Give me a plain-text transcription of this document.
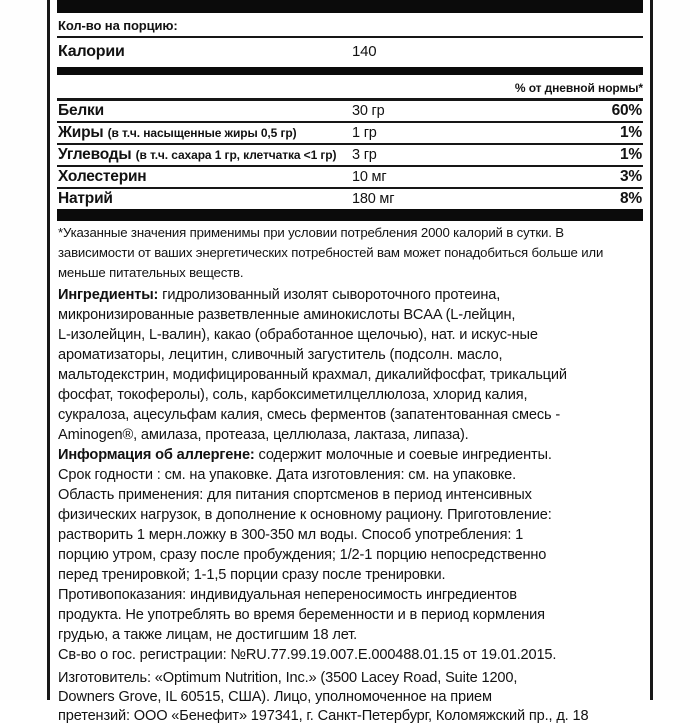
Кол-во на порцию:
Калории	140
% от дневной нормы*
Белки	30 гр	60%
Жиры (в т.ч. насыщенные жиры 0,5 гр)	1 гр	1%
Углеводы (в т.ч. сахара 1 гр, клетчатка <1 гр)	3 гр	1%
Холестерин	10 мг	3%
Натрий	180 мг	8%
*Указанные значения применимы при условии потребления 2000 калорий в сутки. В
зависимости от ваших энергетических потребностей вам может понадобиться больше или
меньше питательных веществ.
Ингредиенты: гидролизованный изолят сывороточного протеина,
микронизированные разветвленные аминокислоты BCAA (L-лейцин,
L-изолейцин, L-валин), какао (обработанное щелочью), нат. и искус-ные
ароматизаторы, лецитин, сливочный загуститель (подсолн. масло,
мальтодекстрин, модифицированный крахмал, дикалийфосфат, трикальций
фосфат, токоферолы), соль, карбоксиметилцеллюлоза, хлорид калия,
сукралоза, ацесульфам калия, смесь ферментов (запатентованная смесь -
Aminogen®, амилаза, протеаза, целлюлаза, лактаза, липаза).
Информация об аллергене: содержит молочные и соевые ингредиенты.
Срок годности : см. на упаковке. Дата изготовления: см. на упаковке.
Область применения: для питания спортсменов в период интенсивных
физических нагрузок, в дополнение к основному рациону. Приготовление:
растворить 1 мерн.ложку в 300-350 мл воды. Способ употребления: 1
порцию утром, сразу после пробуждения; 1/2-1 порцию непосредственно
перед тренировкой; 1-1,5 порции сразу после тренировки.
Противопоказания: индивидуальная непереносимость ингредиентов
продукта. Не употреблять во время беременности и в период кормления
грудью, а также лицам, не достигшим 18 лет.
Св-во о гос. регистрации: №RU.77.99.19.007.Е.000488.01.15 от 19.01.2015.
Изготовитель: «Optimum Nutrition, Inc.» (3500 Lacey Road, Suite 1200,
Downers Grove, IL 60515, США). Лицо, уполномоченное на прием
претензий: ООО «Бенефит» 197341, г. Санкт-Петербург, Коломяжский пр., д. 18
